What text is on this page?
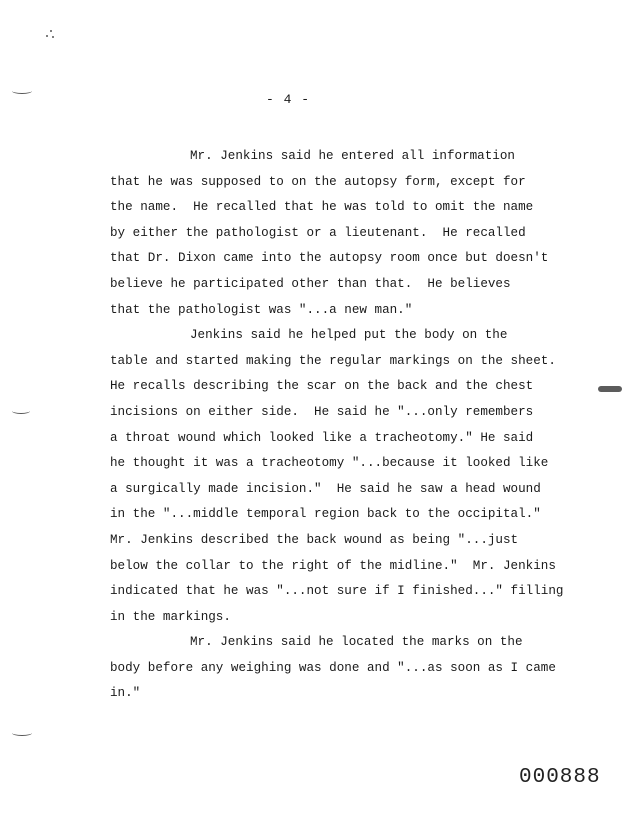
- 4 -

Mr. Jenkins said he entered all information
that he was supposed to on the autopsy form, except for
the name.  He recalled that he was told to omit the name
by either the pathologist or a lieutenant.  He recalled
that Dr. Dixon came into the autopsy room once but doesn't
believe he participated other than that.  He believes
that the pathologist was "...a new man."

Jenkins said he helped put the body on the
table and started making the regular markings on the sheet.
He recalls describing the scar on the back and the chest
incisions on either side.  He said he "...only remembers
a throat wound which looked like a tracheotomy." He said
he thought it was a tracheotomy "...because it looked like
a surgically made incision."  He said he saw a head wound
in the "...middle temporal region back to the occipital."
Mr. Jenkins described the back wound as being "...just
below the collar to the right of the midline."  Mr. Jenkins
indicated that he was "...not sure if I finished..." filling
in the markings.

Mr. Jenkins said he located the marks on the
body before any weighing was done and "...as soon as I came
in."

000888
